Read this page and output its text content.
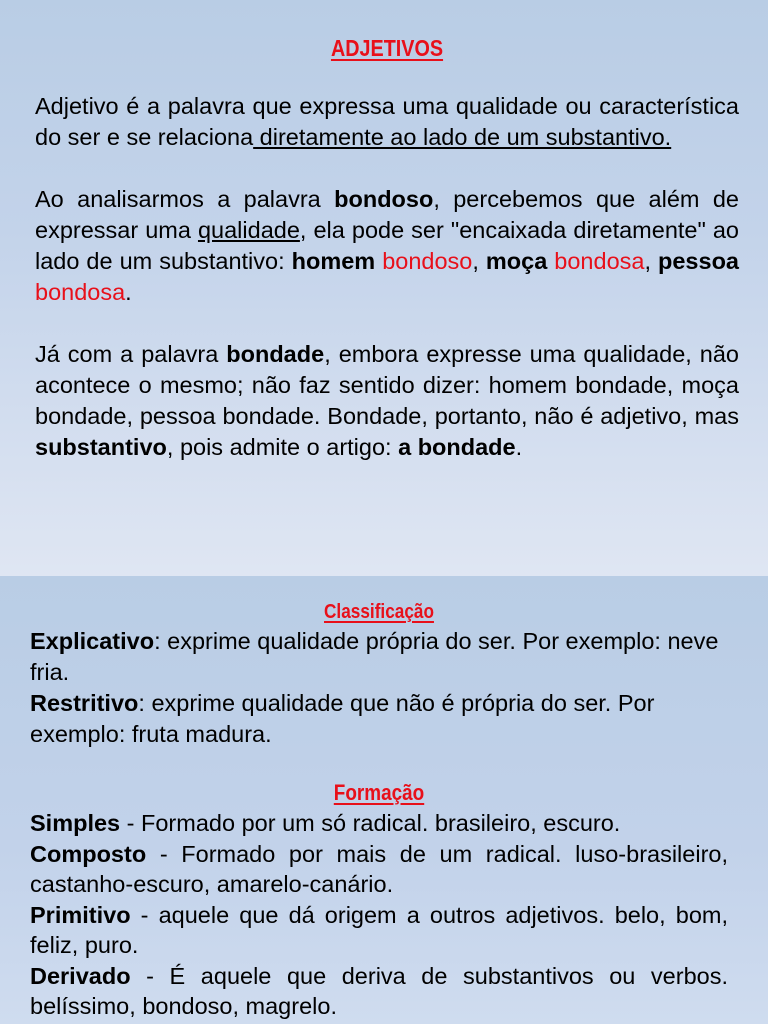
ADJETIVOS

Adjetivo é a palavra que expressa uma qualidade ou característica do ser e se relaciona diretamente ao lado de um substantivo.

Ao analisarmos a palavra bondoso, percebemos que além de expressar uma qualidade, ela pode ser "encaixada diretamente" ao lado de um substantivo: homem bondoso, moça bondosa, pessoa bondosa.

Já com a palavra bondade, embora expresse uma qualidade, não acontece o mesmo; não faz sentido dizer: homem bondade, moça bondade, pessoa bondade. Bondade, portanto, não é adjetivo, mas substantivo, pois admite o artigo: a bondade.

Classificação

Explicativo: exprime qualidade própria do ser. Por exemplo: neve fria.

Restritivo: exprime qualidade que não é própria do ser. Por exemplo: fruta madura.

Formação

Simples - Formado por um só radical. brasileiro, escuro.

Composto - Formado por mais de um radical. luso-brasileiro, castanho-escuro, amarelo-canário.

Primitivo - aquele que dá origem a outros adjetivos. belo, bom, feliz, puro.

Derivado - É aquele que deriva de substantivos ou verbos. belíssimo, bondoso, magrelo.
